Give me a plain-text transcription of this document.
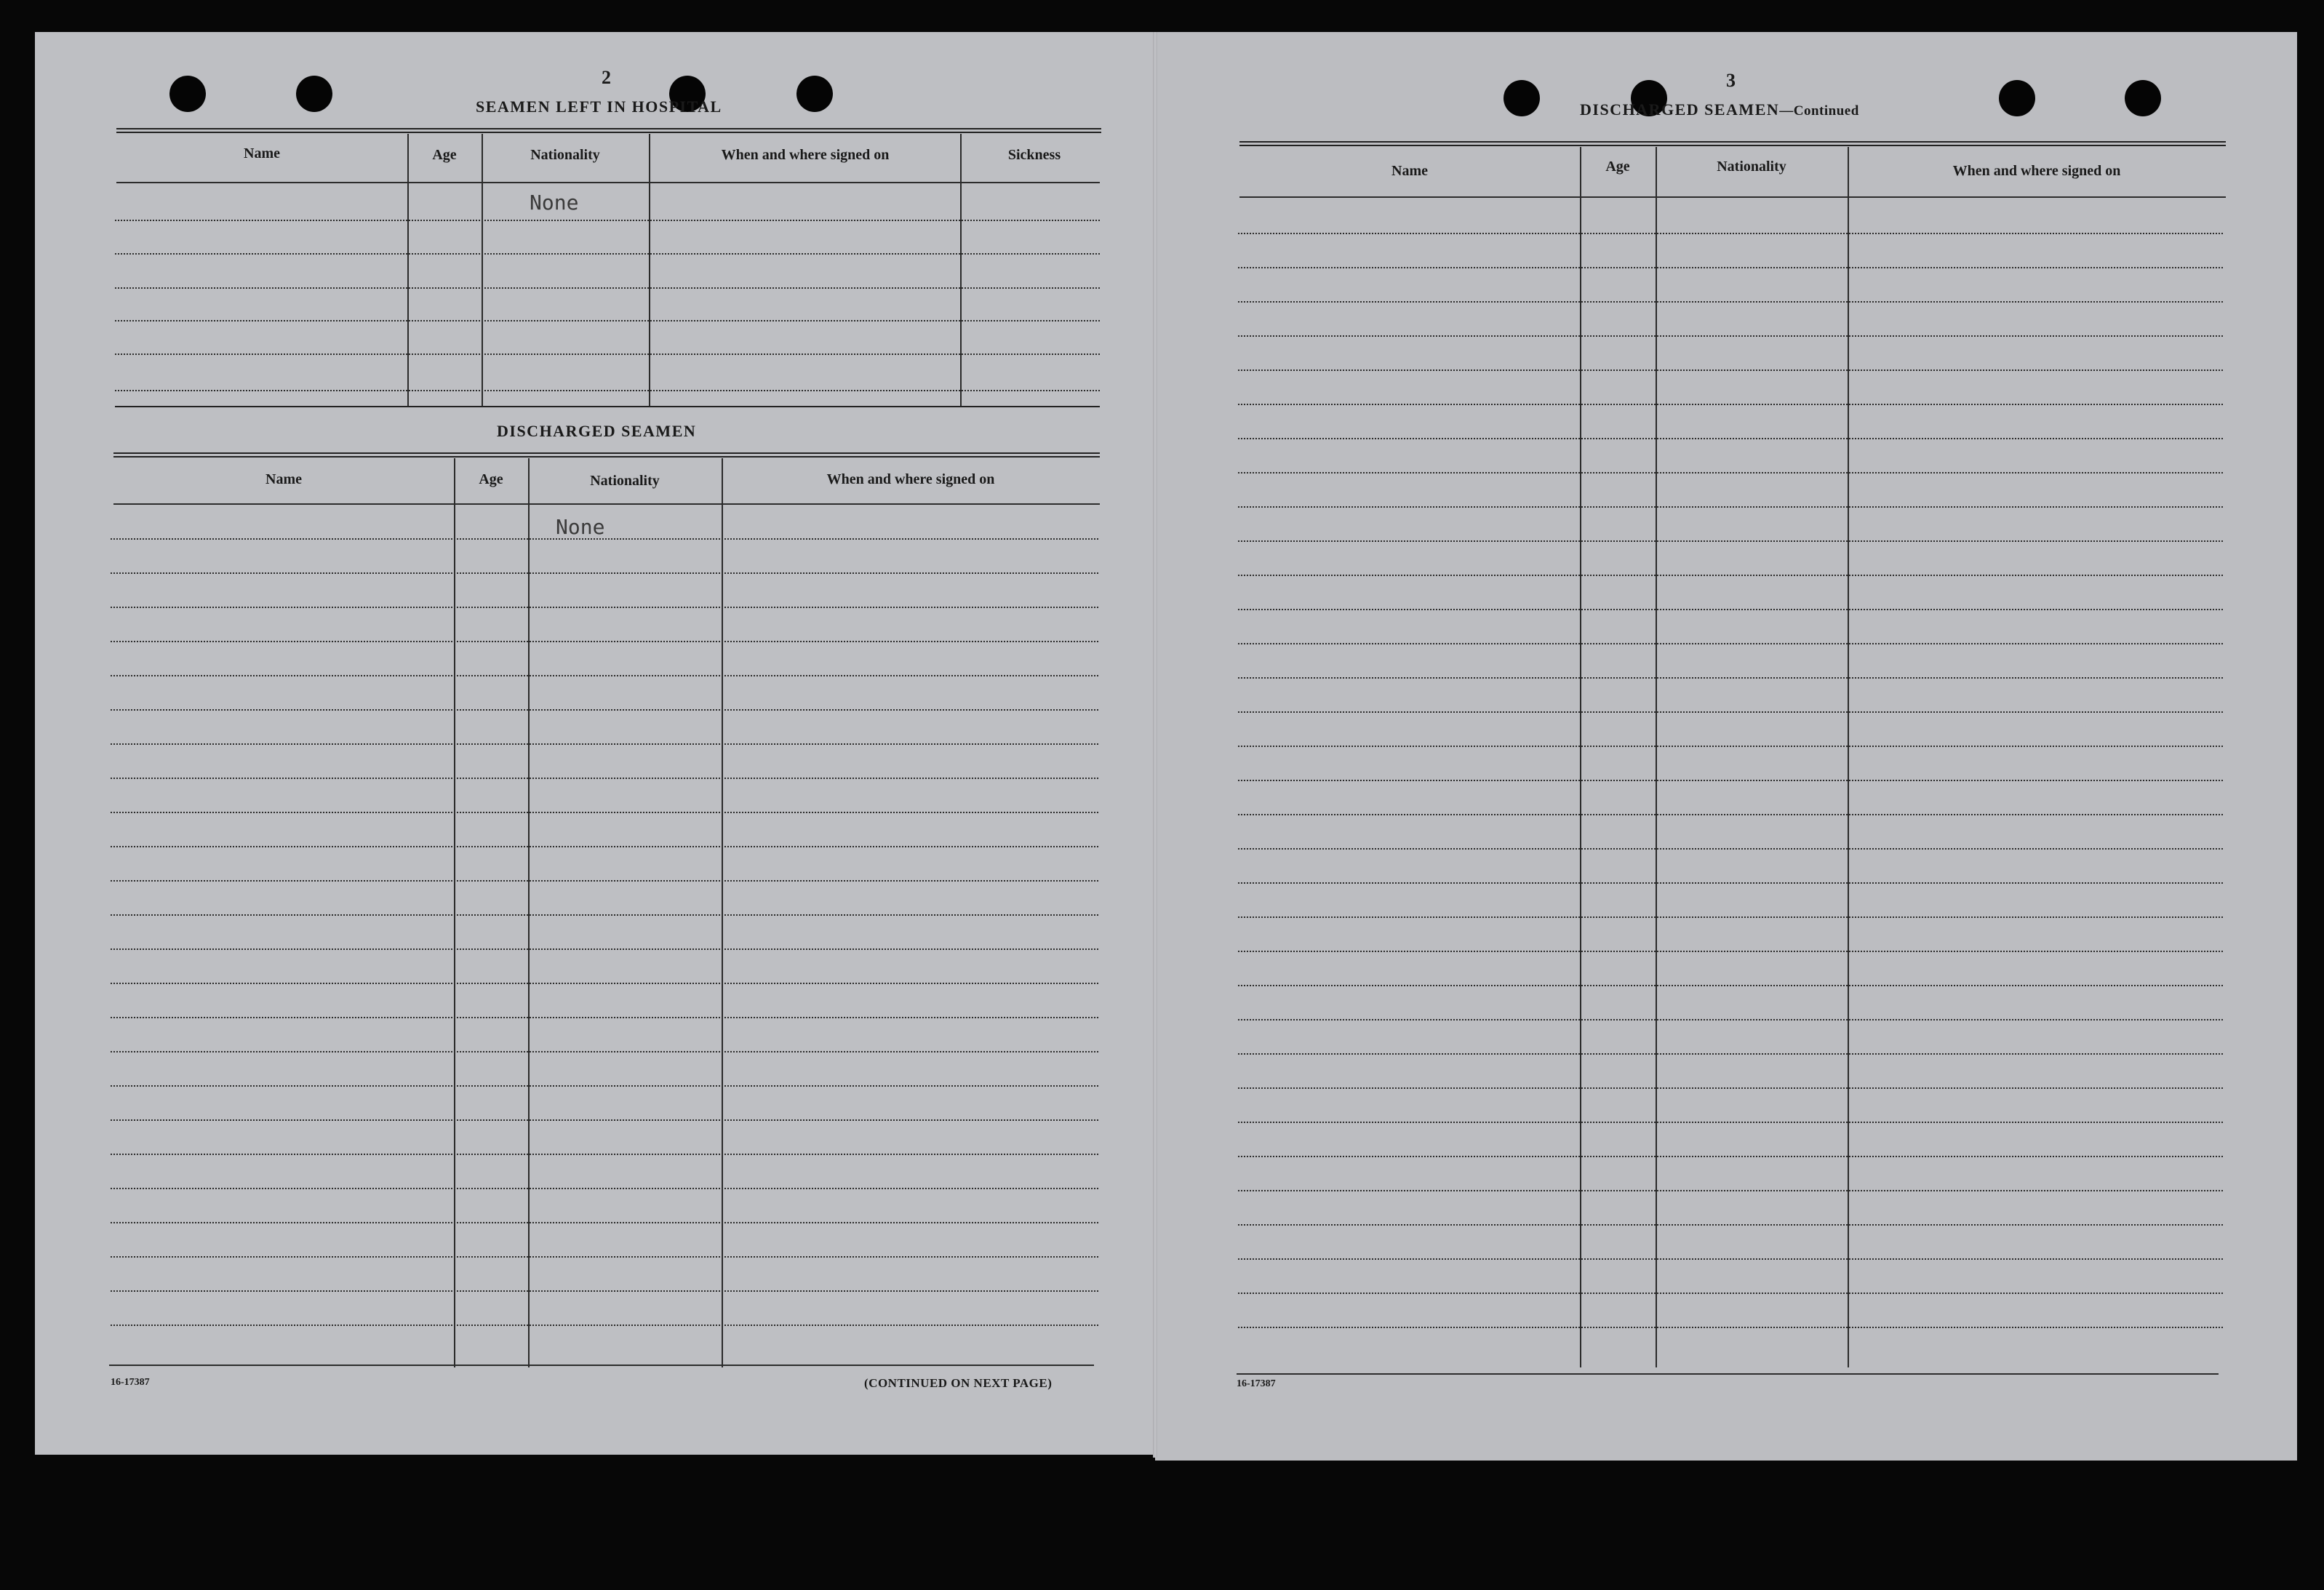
2
SEAMEN LEFT IN HOSPITAL
Name	Age	Nationality	When and where signed on	Sickness
None
DISCHARGED SEAMEN
Name	Age	Nationality	When and where signed on
None
16-17387	(CONTINUED ON NEXT PAGE)
3
DISCHARGED SEAMEN—Continued
Name	Age	Nationality	When and where signed on
16-17387
